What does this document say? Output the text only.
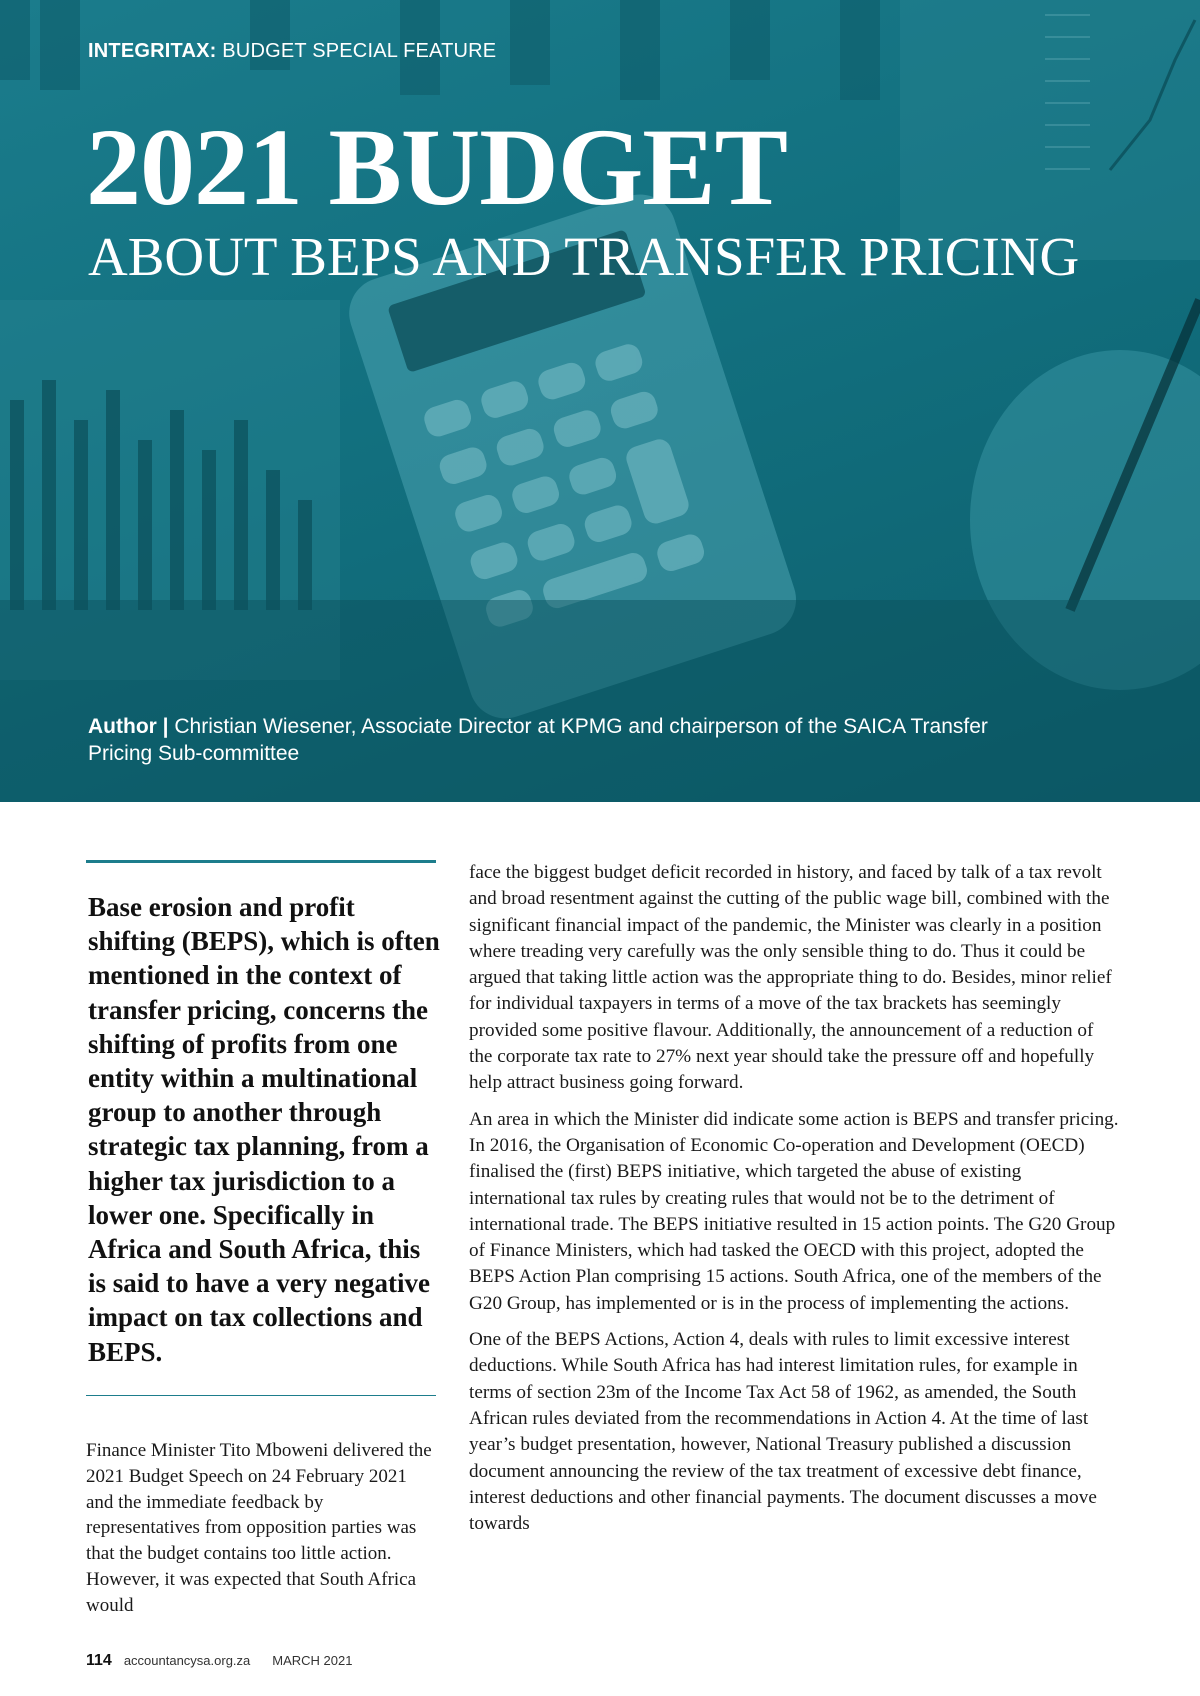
INTEGRITAX: BUDGET SPECIAL FEATURE
2021 BUDGET
ABOUT BEPS AND TRANSFER PRICING
Author | Christian Wiesener, Associate Director at KPMG and chairperson of the SAICA Transfer Pricing Sub-committee

Base erosion and profit shifting (BEPS), which is often mentioned in the context of transfer pricing, concerns the shifting of profits from one entity within a multinational group to another through strategic tax planning, from a higher tax jurisdiction to a lower one. Specifically in Africa and South Africa, this is said to have a very negative impact on tax collections and BEPS.

Finance Minister Tito Mboweni delivered the 2021 Budget Speech on 24 February 2021 and the immediate feedback by representatives from opposition parties was that the budget contains too little action. However, it was expected that South Africa would

face the biggest budget deficit recorded in history, and faced by talk of a tax revolt and broad resentment against the cutting of the public wage bill, combined with the significant financial impact of the pandemic, the Minister was clearly in a position where treading very carefully was the only sensible thing to do. Thus it could be argued that taking little action was the appropriate thing to do. Besides, minor relief for individual taxpayers in terms of a move of the tax brackets has seemingly provided some positive flavour. Additionally, the announcement of a reduction of the corporate tax rate to 27% next year should take the pressure off and hopefully help attract business going forward.

An area in which the Minister did indicate some action is BEPS and transfer pricing. In 2016, the Organisation of Economic Co-operation and Development (OECD) finalised the (first) BEPS initiative, which targeted the abuse of existing international tax rules by creating rules that would not be to the detriment of international trade. The BEPS initiative resulted in 15 action points. The G20 Group of Finance Ministers, which had tasked the OECD with this project, adopted the BEPS Action Plan comprising 15 actions. South Africa, one of the members of the G20 Group, has implemented or is in the process of implementing the actions.

One of the BEPS Actions, Action 4, deals with rules to limit excessive interest deductions. While South Africa has had interest limitation rules, for example in terms of section 23m of the Income Tax Act 58 of 1962, as amended, the South African rules deviated from the recommendations in Action 4. At the time of last year’s budget presentation, however, National Treasury published a discussion document announcing the review of the tax treatment of excessive debt finance, interest deductions and other financial payments. The document discusses a move towards

114 accountancysa.org.za MARCH 2021
